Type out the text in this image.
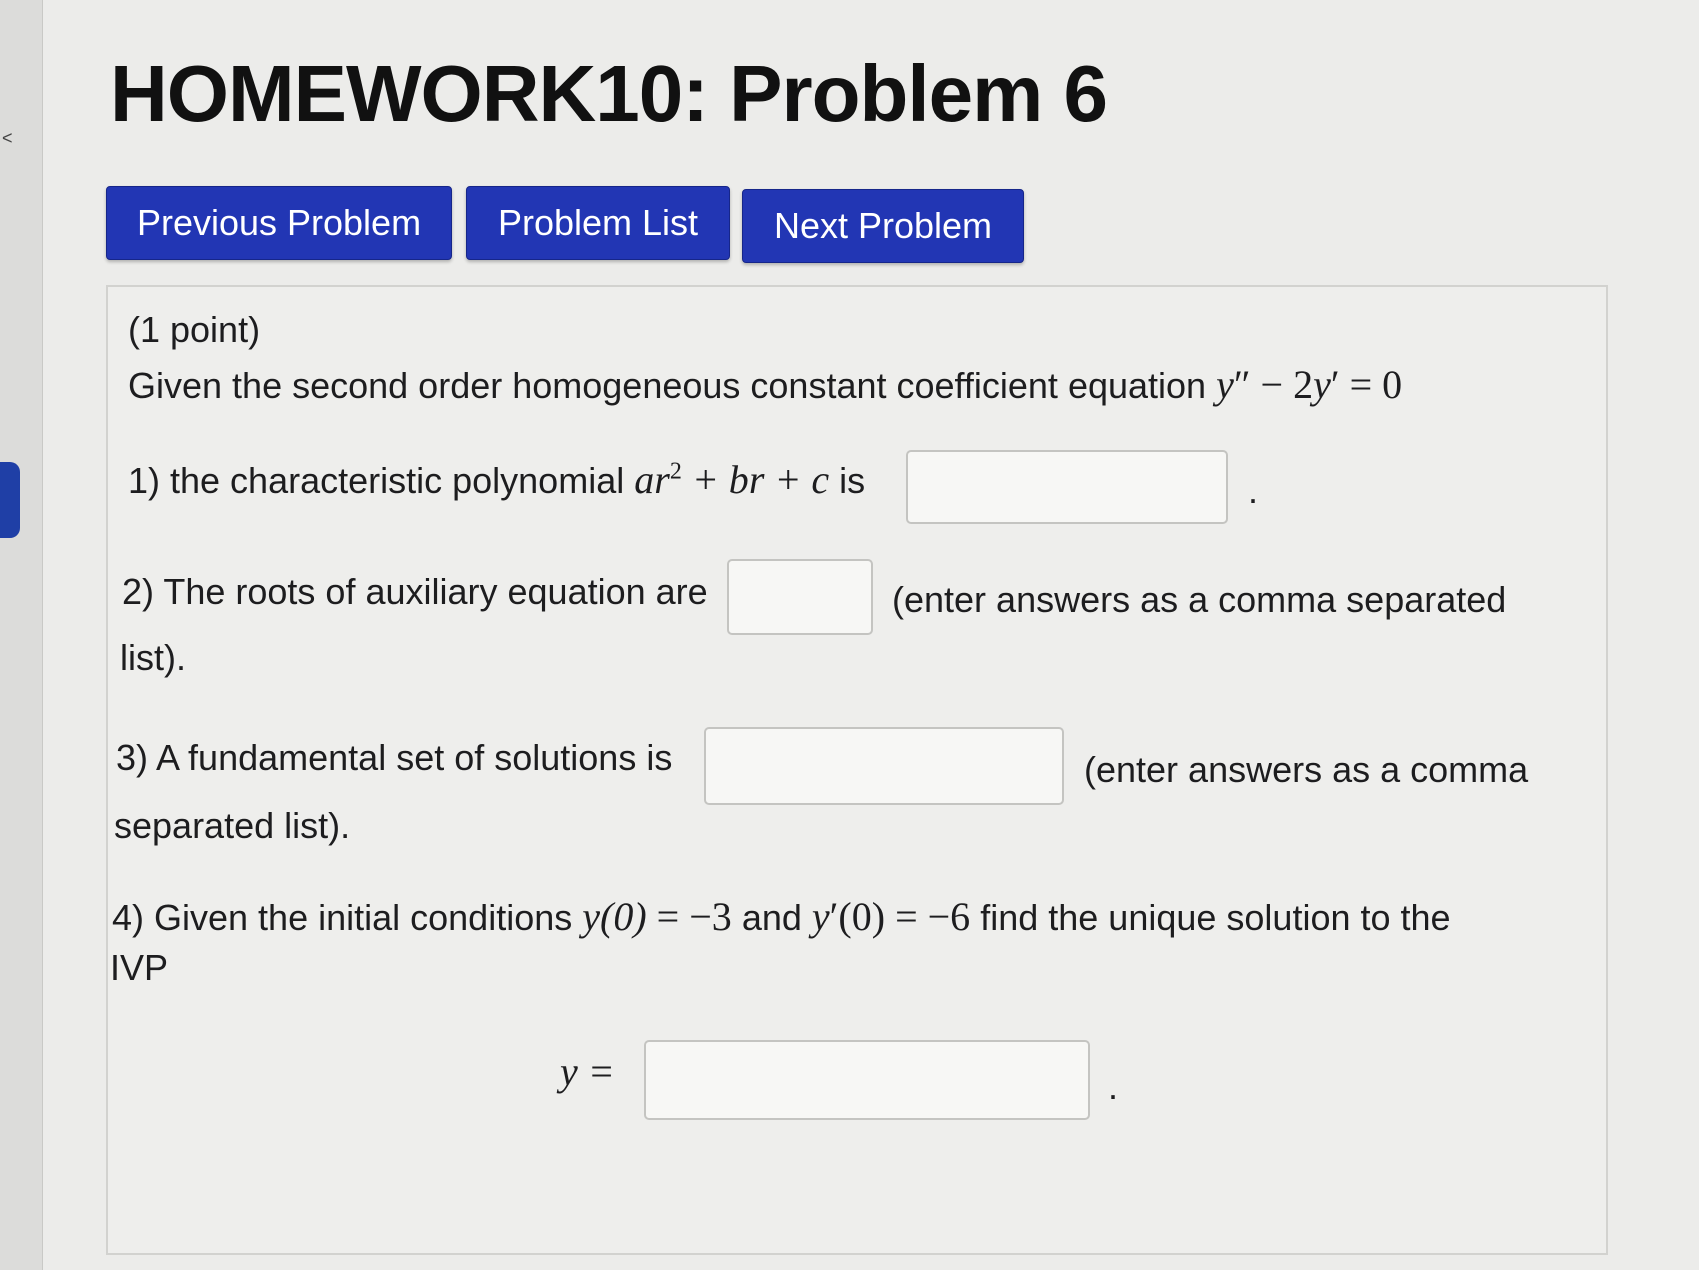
˂ HOMEWORK10: Problem 6
Previous Problem	Problem List	Next Problem
(1 point)
Given the second order homogeneous constant coefficient equation y″ − 2y′ = 0
1) the characteristic polynomial $ar^2$ + br + c is	.
2) The roots of auxiliary equation are	(enter answers as a comma separated
list).
3) A fundamental set of solutions is	(enter answers as a comma
separated list).
4) Given the initial conditions y(0) = −3 and y′(0) = −6 find the unique solution to the
IVP
y =	.
